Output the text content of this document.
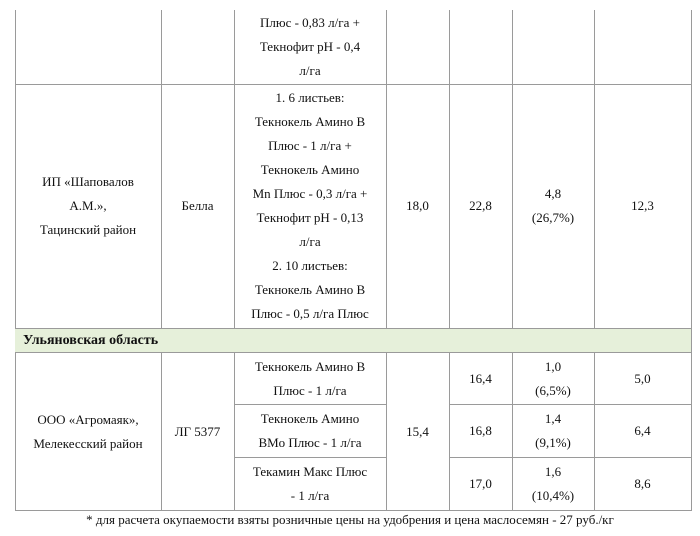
Плюс - 0,83 л/га +
Текнофит pH - 0,4
л/га
ИП «Шаповалов
А.М.»,
Тацинский район
Белла
1. 6 листьев:
Текнокель Амино B
Плюс - 1 л/га +
Текнокель Амино
Mn Плюс - 0,3 л/га +
Текнофит pH - 0,13
л/га
2. 10 листьев:
Текнокель Амино B
Плюс - 0,5 л/га Плюс
18,0	22,8
4,8
(26,7%)
12,3
Ульяновская область
ООО «Агромаяк»,
Мелекесский район
ЛГ 5377	15,4
Текнокель Амино B
Плюс - 1 л/га
16,4
1,0
(6,5%)
5,0
Текнокель Амино
BMo Плюс - 1 л/га
16,8
1,4
(9,1%)
6,4
Текамин Макс Плюс
- 1 л/га
17,0
1,6
(10,4%)
8,6
* для расчета окупаемости взяты розничные цены на удобрения и цена маслосемян - 27 руб./кг
